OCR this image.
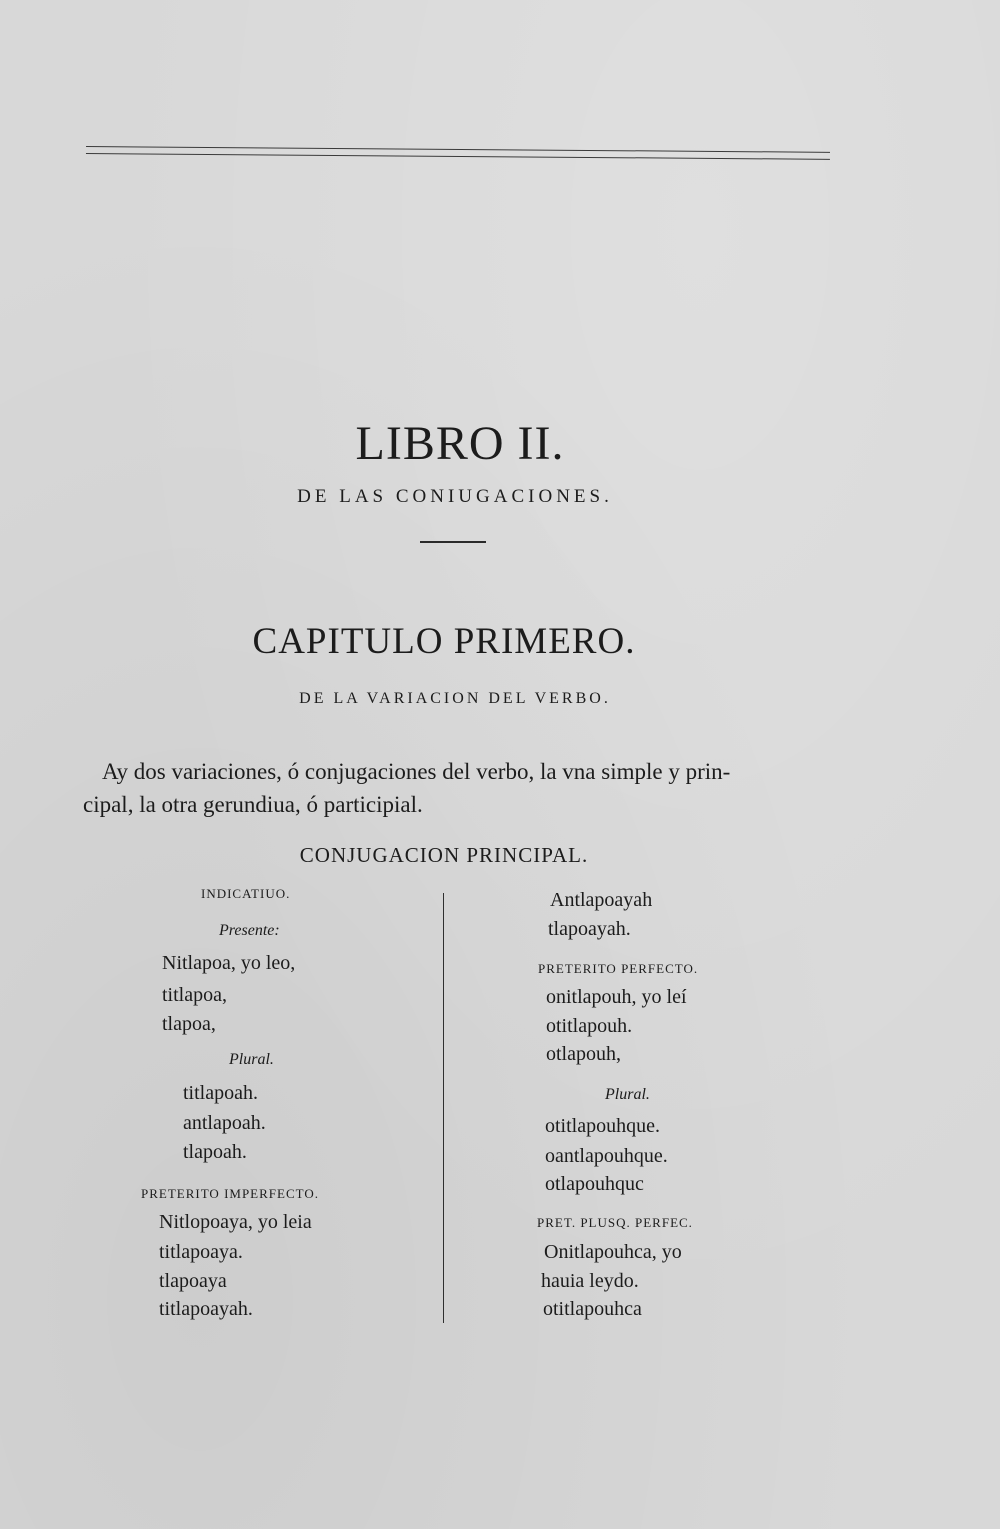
LIBRO II.
DE LAS CONIUGACIONES.
CAPITULO PRIMERO.
DE LA VARIACION DEL VERBO.
Ay dos variaciones, ó conjugaciones del verbo, la vna simple y prin-
cipal, la otra gerundiua, ó participial.
CONJUGACION PRINCIPAL.
INDICATIUO.
Presente:
Nitlapoa, yo leo,
titlapoa,
tlapoa,
Plural.
titlapoah.
antlapoah.
tlapoah.
PRETERITO IMPERFECTO.
Nitlopoaya, yo leia
titlapoaya.
tlapoaya
titlapoayah.
Antlapoayah
tlapoayah.
PRETERITO PERFECTO.
onitlapouh, yo leí
otitlapouh.
otlapouh,
Plural.
otitlapouhque.
oantlapouhque.
otlapouhquc
PRET. PLUSQ. PERFEC.
Onitlapouhca, yo
hauia leydo.
otitlapouhca
